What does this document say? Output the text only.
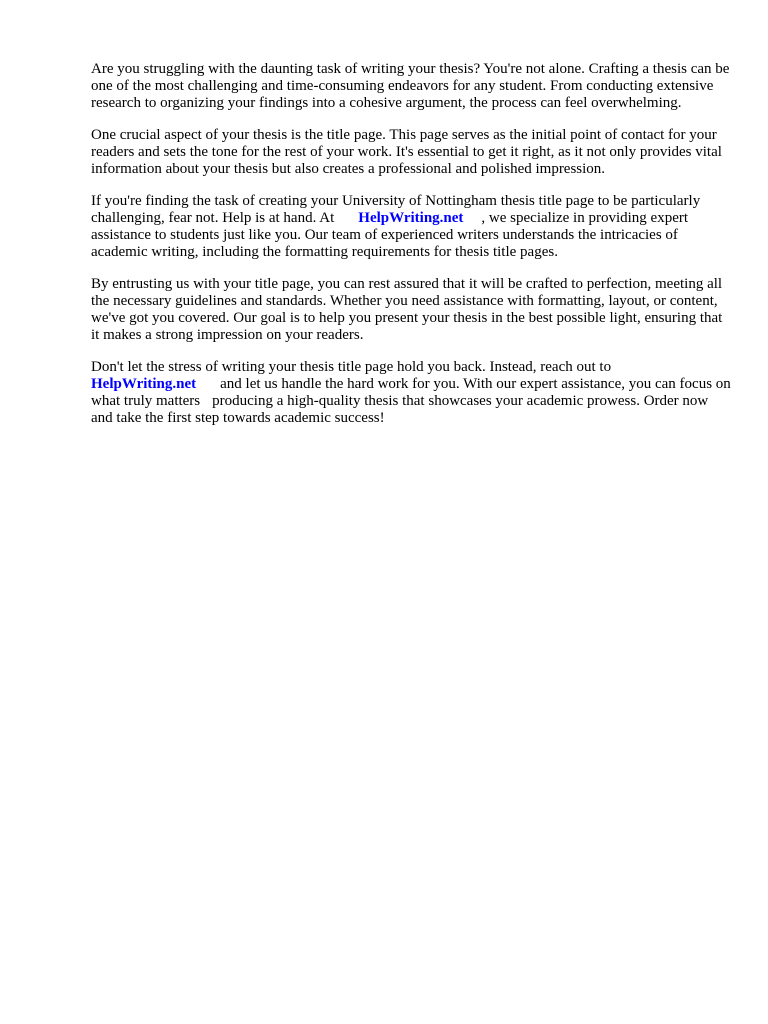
Are you struggling with the daunting task of writing your thesis? You're not alone. Crafting a thesis can be one of the most challenging and time-consuming endeavors for any student. From conducting extensive research to organizing your findings into a cohesive argument, the process can feel overwhelming.

One crucial aspect of your thesis is the title page. This page serves as the initial point of contact for your readers and sets the tone for the rest of your work. It's essential to get it right, as it not only provides vital information about your thesis but also creates a professional and polished impression.

If you're finding the task of creating your University of Nottingham thesis title page to be particularly challenging, fear not. Help is at hand. At HelpWriting.net , we specialize in providing expert assistance to students just like you. Our team of experienced writers understands the intricacies of academic writing, including the formatting requirements for thesis title pages.

By entrusting us with your title page, you can rest assured that it will be crafted to perfection, meeting all the necessary guidelines and standards. Whether you need assistance with formatting, layout, or content, we've got you covered. Our goal is to help you present your thesis in the best possible light, ensuring that it makes a strong impression on your readers.

Don't let the stress of writing your thesis title page hold you back. Instead, reach out to
HelpWriting.net and let us handle the hard work for you. With our expert assistance, you can focus on what truly matters producing a high-quality thesis that showcases your academic prowess. Order now and take the first step towards academic success!
